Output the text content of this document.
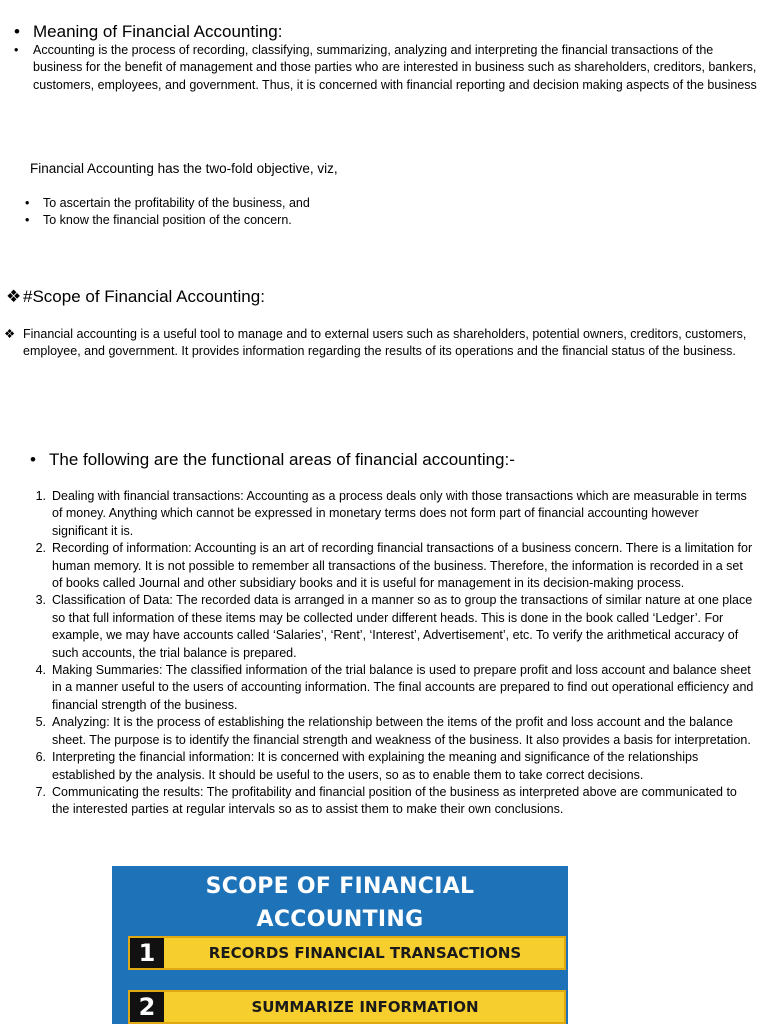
• Meaning of Financial Accounting:
• Accounting is the process of recording, classifying, summarizing, analyzing and interpreting the financial transactions of the business for the benefit of management and those parties who are interested in business such as shareholders, creditors, bankers, customers, employees, and government. Thus, it is concerned with financial reporting and decision making aspects of the business
Financial Accounting has the two-fold objective, viz,
• To ascertain the profitability of the business, and
• To know the financial position of the concern.
❖ #Scope of Financial Accounting:
❖ Financial accounting is a useful tool to manage and to external users such as shareholders, potential owners, creditors, customers, employee, and government. It provides information regarding the results of its operations and the financial status of the business.
• The following are the functional areas of financial accounting:-
1. Dealing with financial transactions: Accounting as a process deals only with those transactions which are measurable in terms of money. Anything which cannot be expressed in monetary terms does not form part of financial accounting however significant it is.
2. Recording of information: Accounting is an art of recording financial transactions of a business concern. There is a limitation for human memory. It is not possible to remember all transactions of the business. Therefore, the information is recorded in a set of books called Journal and other subsidiary books and it is useful for management in its decision-making process.
3. Classification of Data: The recorded data is arranged in a manner so as to group the transactions of similar nature at one place so that full information of these items may be collected under different heads. This is done in the book called ‘Ledger’. For example, we may have accounts called ‘Salaries’, ‘Rent’, ‘Interest’, Advertisement’, etc. To verify the arithmetical accuracy of such accounts, the trial balance is prepared.
4. Making Summaries: The classified information of the trial balance is used to prepare profit and loss account and balance sheet in a manner useful to the users of accounting information. The final accounts are prepared to find out operational efficiency and financial strength of the business.
5. Analyzing: It is the process of establishing the relationship between the items of the profit and loss account and the balance sheet. The purpose is to identify the financial strength and weakness of the business. It also provides a basis for interpretation.
6. Interpreting the financial information: It is concerned with explaining the meaning and significance of the relationships established by the analysis. It should be useful to the users, so as to enable them to take correct decisions.
7. Communicating the results: The profitability and financial position of the business as interpreted above are communicated to the interested parties at regular intervals so as to assist them to make their own conclusions.
SCOPE OF FINANCIAL
ACCOUNTING
1	RECORDS FINANCIAL TRANSACTIONS
2	SUMMARIZE INFORMATION
